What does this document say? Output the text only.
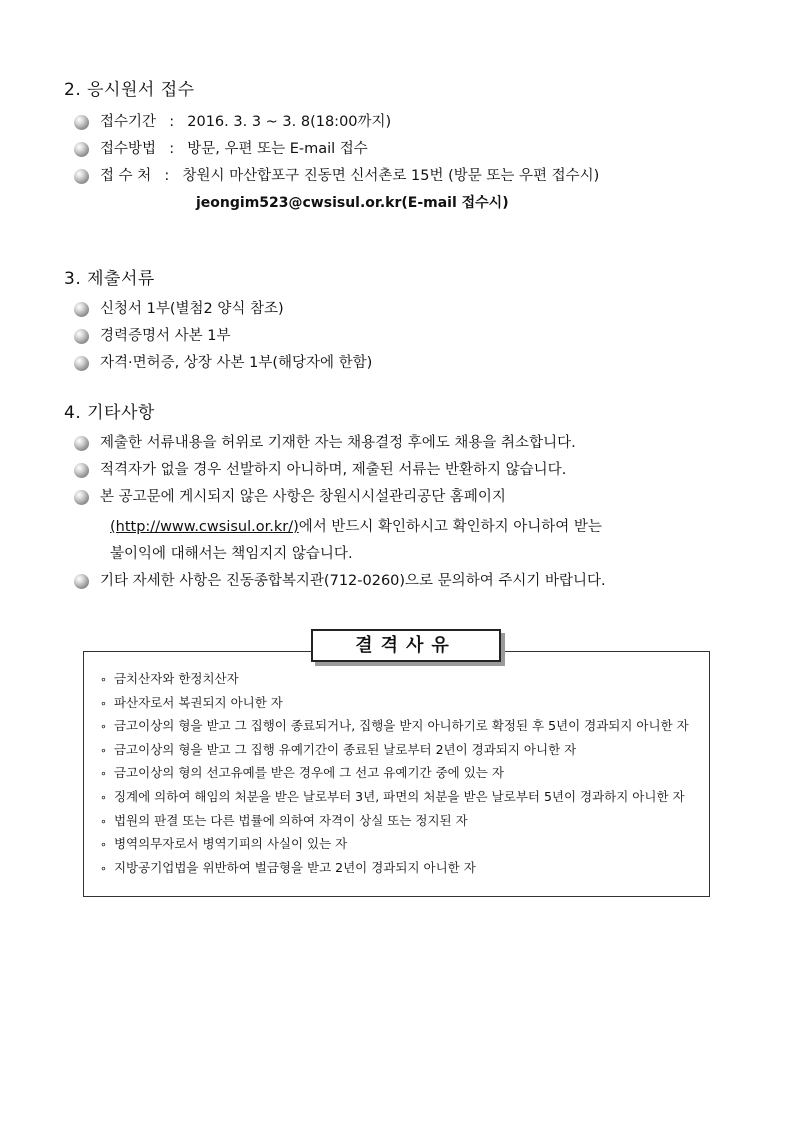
2. 응시원서 접수
접수기간 : 2016. 3. 3 ~ 3. 8(18:00까지)
접수방법 : 방문, 우편 또는 E-mail 접수
접 수 처 : 창원시 마산합포구 진동면 신서촌로 15번 (방문 또는 우편 접수시)

jeongim523@cwsisul.or.kr(E-mail 접수시)

3. 제출서류
신청서 1부(별첨2 양식 참조)
경력증명서 사본 1부
자격·면허증, 상장 사본 1부(해당자에 한함)
4. 기타사항
제출한 서류내용을 허위로 기재한 자는 채용결정 후에도 채용을 취소합니다.
적격자가 없을 경우 선발하지 아니하며, 제출된 서류는 반환하지 않습니다.
본 공고문에 게시되지 않은 사항은 창원시시설관리공단 홈페이지

(http://www.cwsisul.or.kr/)에서 반드시 확인하시고 확인하지 아니하여 받는

불이익에 대해서는 책임지지 않습니다.

기타 자세한 사항은 진동종합복지관(712-0260)으로 문의하여 주시기 바랍니다.
결격사유
∘ 금치산자와 한정치산자
∘ 파산자로서 복권되지 아니한 자
∘ 금고이상의 형을 받고 그 집행이 종료되거나, 집행을 받지 아니하기로 확정된 후 5년이 경과되지 아니한 자
∘ 금고이상의 형을 받고 그 집행 유예기간이 종료된 날로부터 2년이 경과되지 아니한 자
∘ 금고이상의 형의 선고유예를 받은 경우에 그 선고 유예기간 중에 있는 자
∘ 징계에 의하여 해임의 처분을 받은 날로부터 3년, 파면의 처분을 받은 날로부터 5년이 경과하지 아니한 자
∘ 법원의 판결 또는 다른 법률에 의하여 자격이 상실 또는 정지된 자
∘ 병역의무자로서 병역기피의 사실이 있는 자
∘ 지방공기업법을 위반하여 벌금형을 받고 2년이 경과되지 아니한 자
